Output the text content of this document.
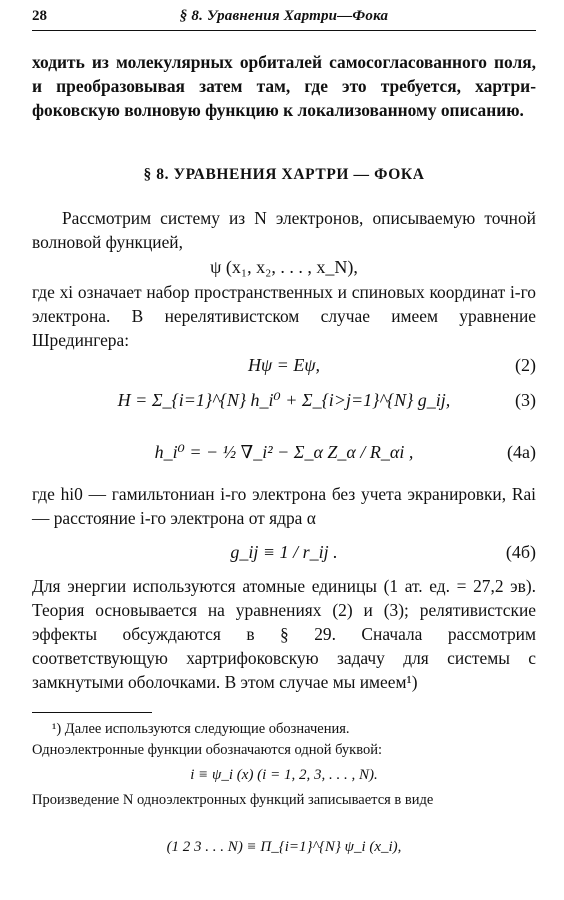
28	§ 8. Уравнения Хартри—Фока

ходить из молекулярных орбиталей самосогласованного поля, и преобразовывая затем там, где это требуется, хартри-фоковскую волновую функцию к локализованному описанию.

§ 8. УРАВНЕНИЯ ХАРТРИ — ФОКА

Рассмотрим систему из N электронов, описываемую точной волновой функцией,

ψ (x₁, x₂, . . . , x_N),

где xi означает набор пространственных и спиновых координат i-го электрона. В нерелятивистском случае имеем уравнение Шредингера:

Hψ = Eψ,	(2)
H = Σ_{i=1}^{N} h_i⁰ + Σ_{i>j=1}^{N} g_ij,	(3)
h_i⁰ = − ½ ∇_i² − Σ_α Z_α / R_αi ,	(4а)

где hi0 — гамильтониан i-го электрона без учета экранировки, Rai — расстояние i-го электрона от ядра α

g_ij ≡ 1 / r_ij .	(4б)

Для энергии используются атомные единицы (1 ат. ед. = 27,2 эв). Теория основывается на уравнениях (2) и (3); релятивистские эффекты обсуждаются в § 29. Сначала рассмотрим соответствующую хартрифоковскую задачу для системы с замкнутыми оболочками. В этом случае мы имеем¹)

¹) Далее используются следующие обозначения.
Одноэлектронные функции обозначаются одной буквой:
i ≡ ψ_i (x) (i = 1, 2, 3, . . . , N).
Произведение N одноэлектронных функций записывается в виде
(1 2 3 . . . N) ≡ Π_{i=1}^{N} ψ_i (x_i),
